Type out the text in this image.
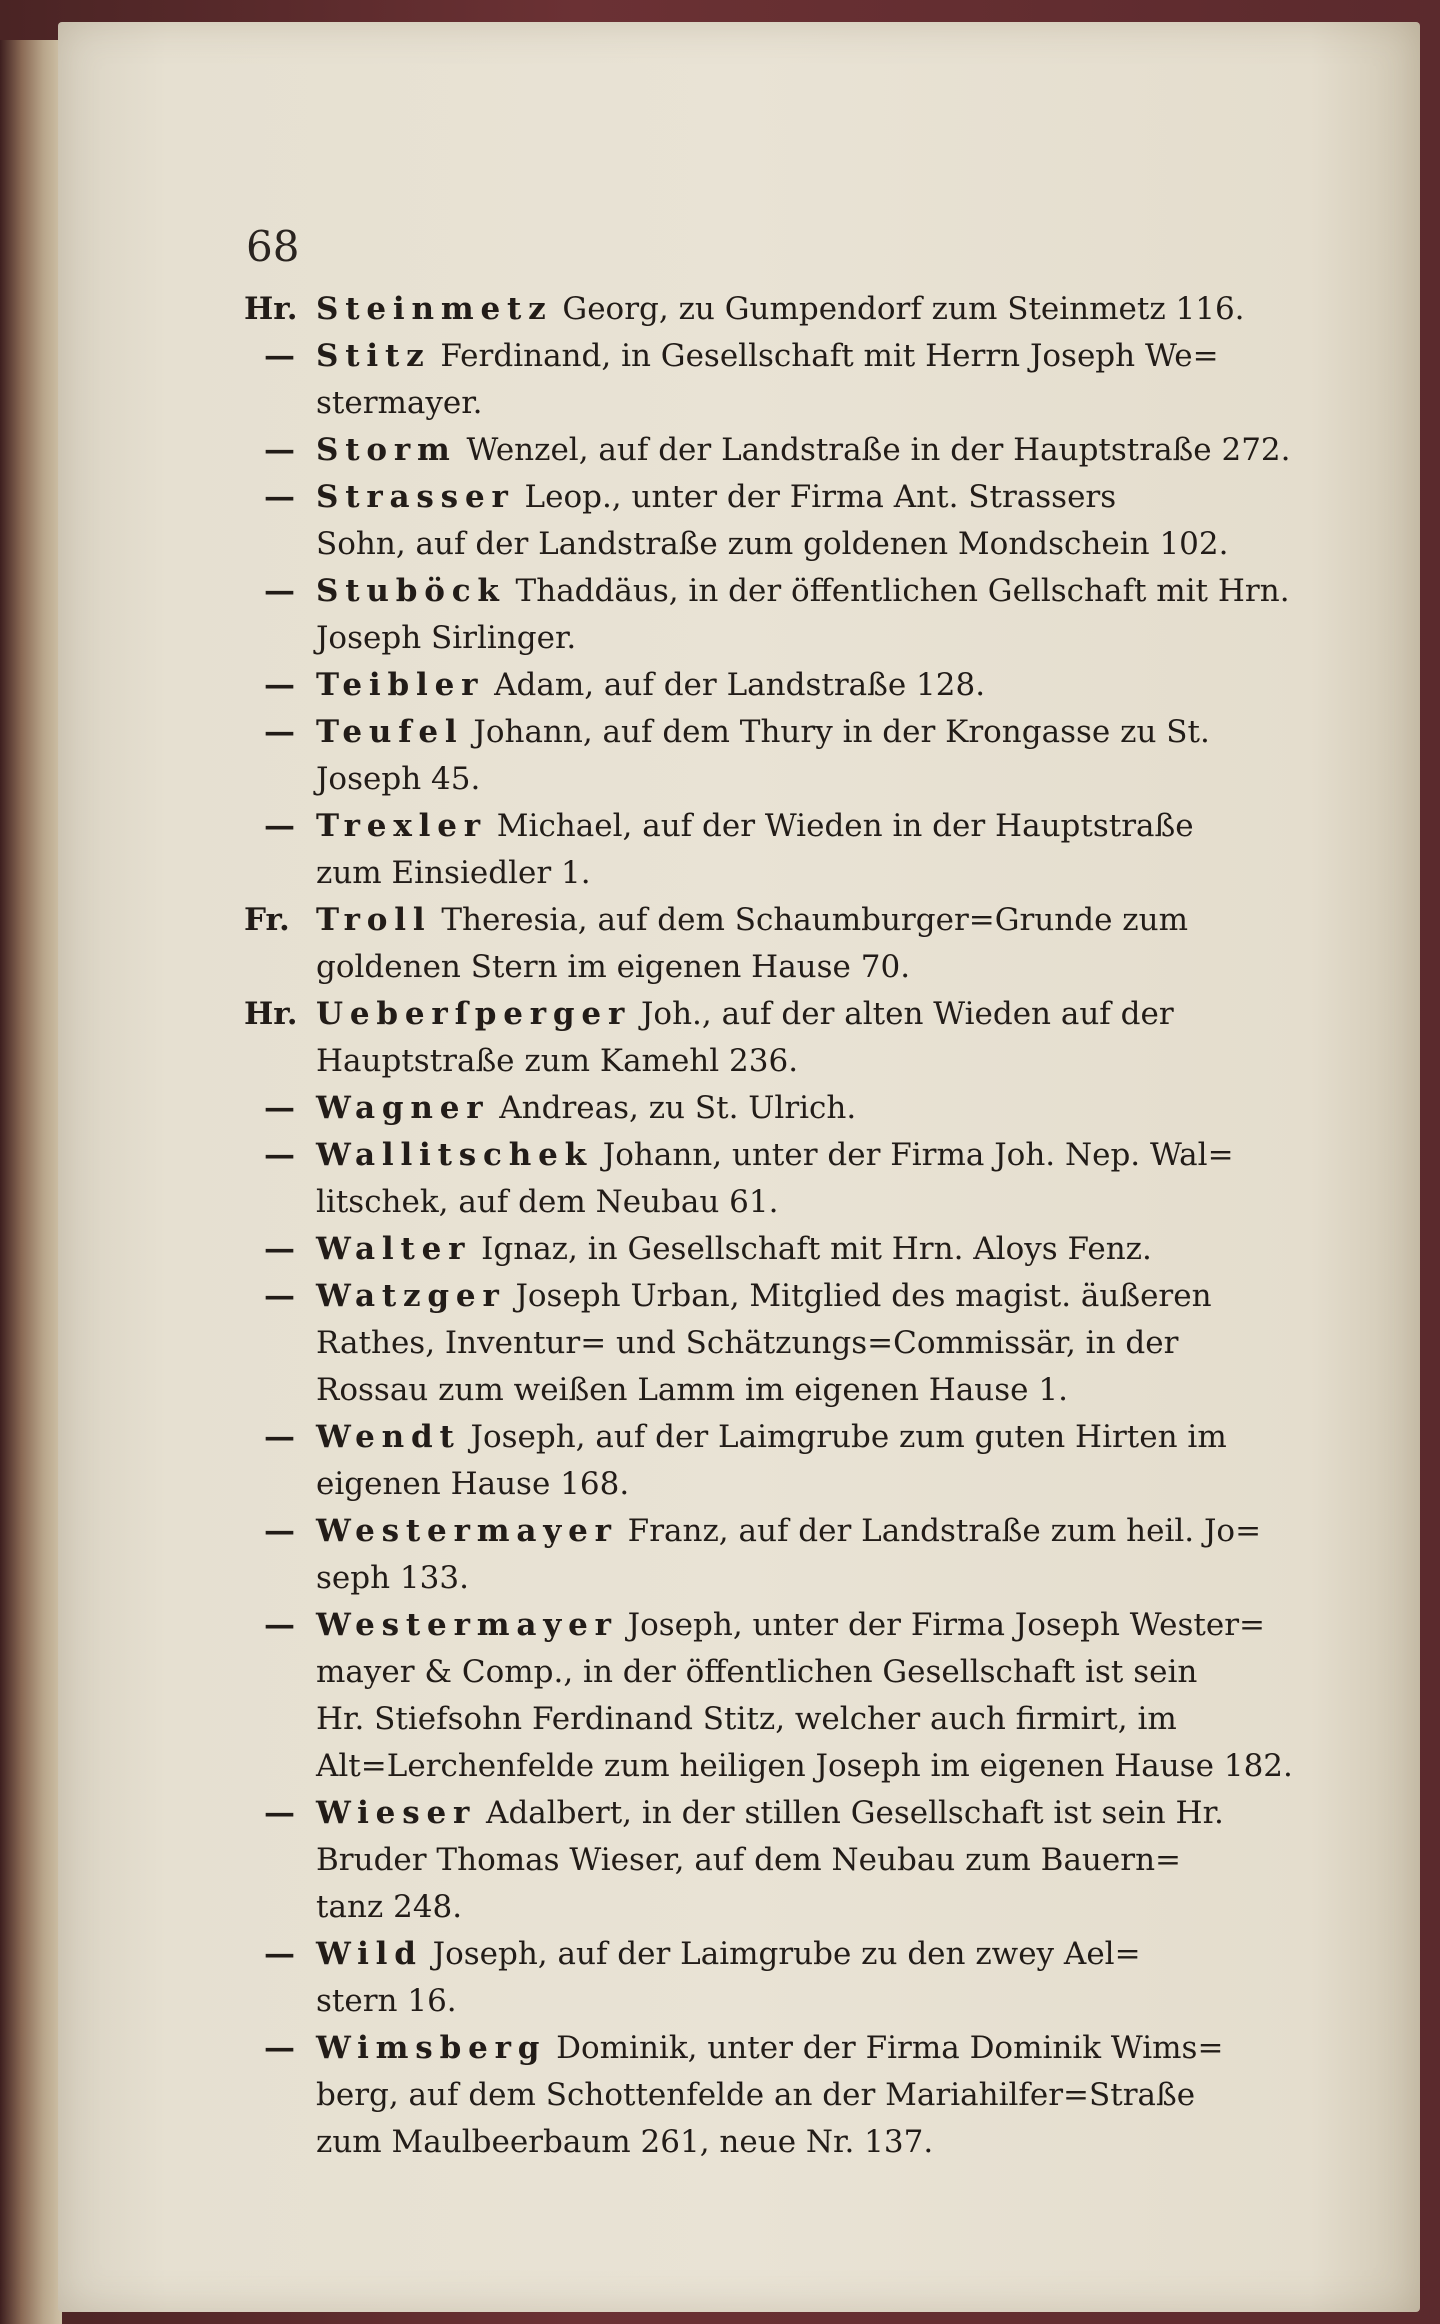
68
Hr. Steinmetz Georg, zu Gumpendorf zum Steinmetz 116.
— Stitz Ferdinand, in Gesellschaft mit Herrn Joseph We=
stermayer.
— Storm Wenzel, auf der Landstraße in der Hauptstraße 272.
— Strasser Leop., unter der Firma Ant. Strassers
Sohn, auf der Landstraße zum goldenen Mondschein 102.
— Stuböck Thaddäus, in der öffentlichen Gellschaft mit Hrn.
Joseph Sirlinger.
— Teibler Adam, auf der Landstraße 128.
— Teufel Johann, auf dem Thury in der Krongasse zu St.
Joseph 45.
— Trexler Michael, auf der Wieden in der Hauptstraße
zum Einsiedler 1.
Fr. Troll Theresia, auf dem Schaumburger=Grunde zum
goldenen Stern im eigenen Hause 70.
Hr. Ueberſperger Joh., auf der alten Wieden auf der
Hauptstraße zum Kamehl 236.
— Wagner Andreas, zu St. Ulrich.
— Wallitschek Johann, unter der Firma Joh. Nep. Wal=
litschek, auf dem Neubau 61.
— Walter Ignaz, in Gesellschaft mit Hrn. Aloys Fenz.
— Watzger Joseph Urban, Mitglied des magist. äußeren
Rathes, Inventur= und Schätzungs=Commissär, in der
Rossau zum weißen Lamm im eigenen Hause 1.
— Wendt Joseph, auf der Laimgrube zum guten Hirten im
eigenen Hause 168.
— Westermayer Franz, auf der Landstraße zum heil. Jo=
seph 133.
— Westermayer Joseph, unter der Firma Joseph Wester=
mayer & Comp., in der öffentlichen Gesellschaft ist sein
Hr. Stiefsohn Ferdinand Stitz, welcher auch firmirt, im
Alt=Lerchenfelde zum heiligen Joseph im eigenen Hause 182.
— Wieser Adalbert, in der stillen Gesellschaft ist sein Hr.
Bruder Thomas Wieser, auf dem Neubau zum Bauern=
tanz 248.
— Wild Joseph, auf der Laimgrube zu den zwey Ael=
stern 16.
— Wimsberg Dominik, unter der Firma Dominik Wims=
berg, auf dem Schottenfelde an der Mariahilfer=Straße
zum Maulbeerbaum 261, neue Nr. 137.
